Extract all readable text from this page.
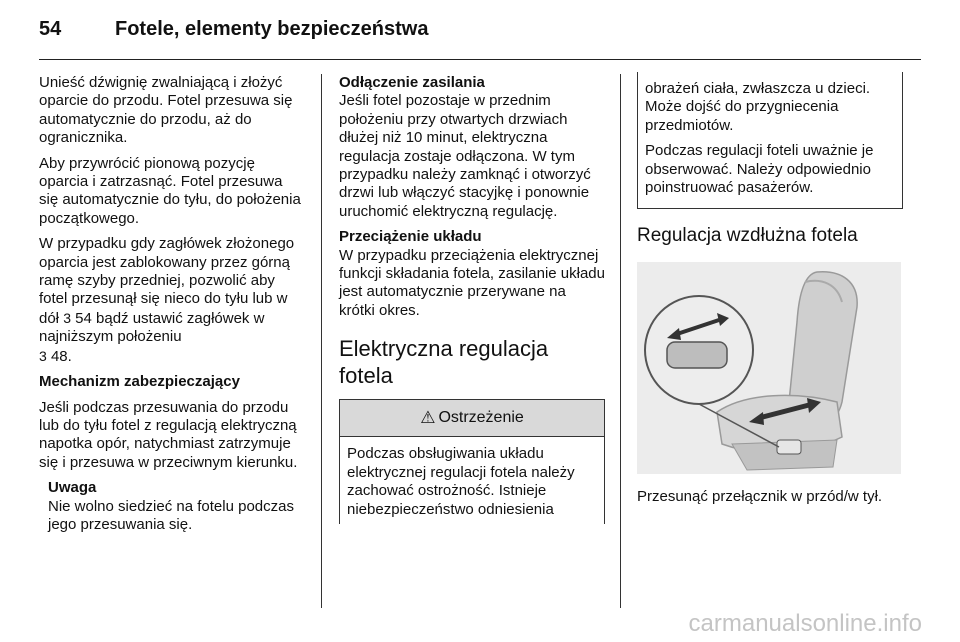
54	Fotele, elementy bezpieczeństwa

Unieść dźwignię zwalniającą i złożyć oparcie do przodu. Fotel przesuwa się automatycznie do przodu, aż do ogranicznika.

Aby przywrócić pionową pozycję oparcia i zatrzasnąć. Fotel przesuwa się automatycznie do tyłu, do położenia początkowego.

W przypadku gdy zagłówek złożonego oparcia jest zablokowany przez górną ramę szyby przedniej, pozwolić aby fotel przesunął się nieco do tyłu lub w dół 3 54 bądź ustawić zagłówek w najniższym położeniu
3 48.

Mechanizm zabezpieczający

Jeśli podczas przesuwania do przodu lub do tyłu fotel z regulacją elektryczną napotka opór, natychmiast zatrzymuje się i przesuwa w przeciwnym kierunku.

Uwaga
Nie wolno siedzieć na fotelu podczas jego przesuwania się.

Odłączenie zasilania

Jeśli fotel pozostaje w przednim położeniu przy otwartych drzwiach dłużej niż 10 minut, elektryczna regulacja zostaje odłączona. W tym przypadku należy zamknąć i otworzyć drzwi lub włączyć stacyjkę i ponownie uruchomić elektryczną regulację.

Przeciążenie układu

W przypadku przeciążenia elektrycznej funkcji składania fotela, zasilanie układu jest automatycznie przerywane na krótki okres.

Elektryczna regulacja fotela
⚠ Ostrzeżenie
Podczas obsługiwania układu elektrycznej regulacji fotela należy zachować ostrożność. Istnieje niebezpieczeństwo odniesienia

obrażeń ciała, zwłaszcza u dzieci. Może dojść do przygniecenia przedmiotów.

Podczas regulacji foteli uważnie je obserwować. Należy odpowiednio poinstruować pasażerów.

Regulacja wzdłużna fotela

Przesunąć przełącznik w przód/w tył.

carmanualsonline.info
